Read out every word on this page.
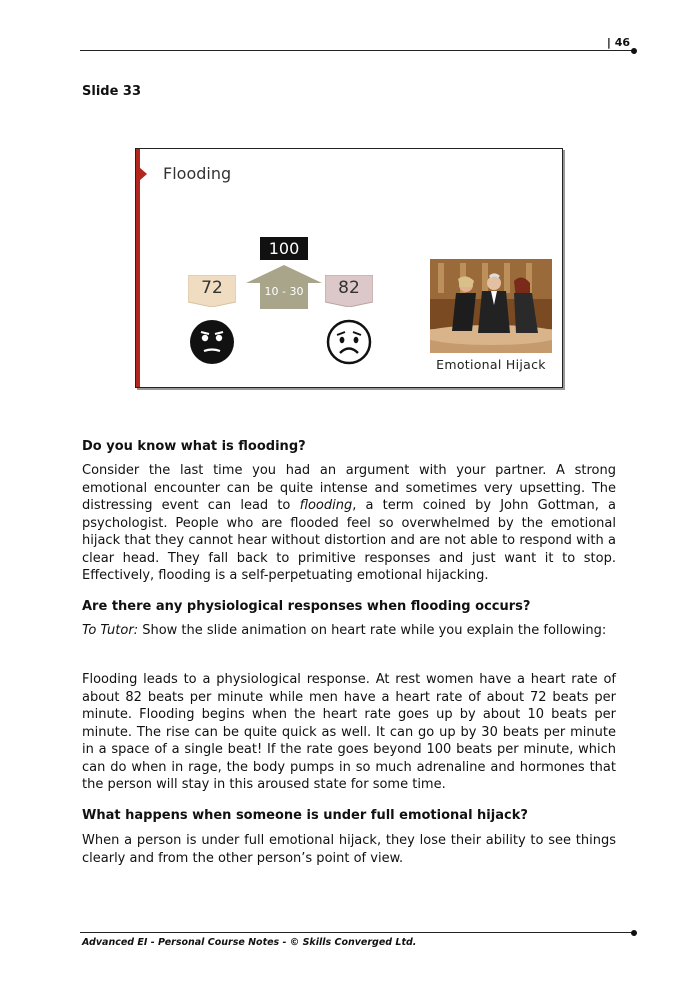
| 46
Slide 33
Flooding
100
72	10 - 30	82
Emotional Hijack
Do you know what is flooding?

Consider the last time you had an argument with your partner. A strong emotional encounter can be quite intense and sometimes very upsetting. The distressing event can lead to flooding, a term coined by John Gottman, a psychologist. People who are flooded feel so overwhelmed by the emotional hijack that they cannot hear without distortion and are not able to respond with a clear head. They fall back to primitive responses and just want it to stop. Effectively, flooding is a self-perpetuating emotional hijacking.

Are there any physiological responses when flooding occurs?

To Tutor: Show the slide animation on heart rate while you explain the following:

Flooding leads to a physiological response. At rest women have a heart rate of about 82 beats per minute while men have a heart rate of about 72 beats per minute. Flooding begins when the heart rate goes up by about 10 beats per minute. The rise can be quite quick as well. It can go up by 30 beats per minute in a space of a single beat! If the rate goes beyond 100 beats per minute, which can do when in rage, the body pumps in so much adrenaline and hormones that the person will stay in this aroused state for some time.

What happens when someone is under full emotional hijack?

When a person is under full emotional hijack, they lose their ability to see things clearly and from the other person’s point of view.

Advanced EI - Personal Course Notes - © Skills Converged Ltd.
